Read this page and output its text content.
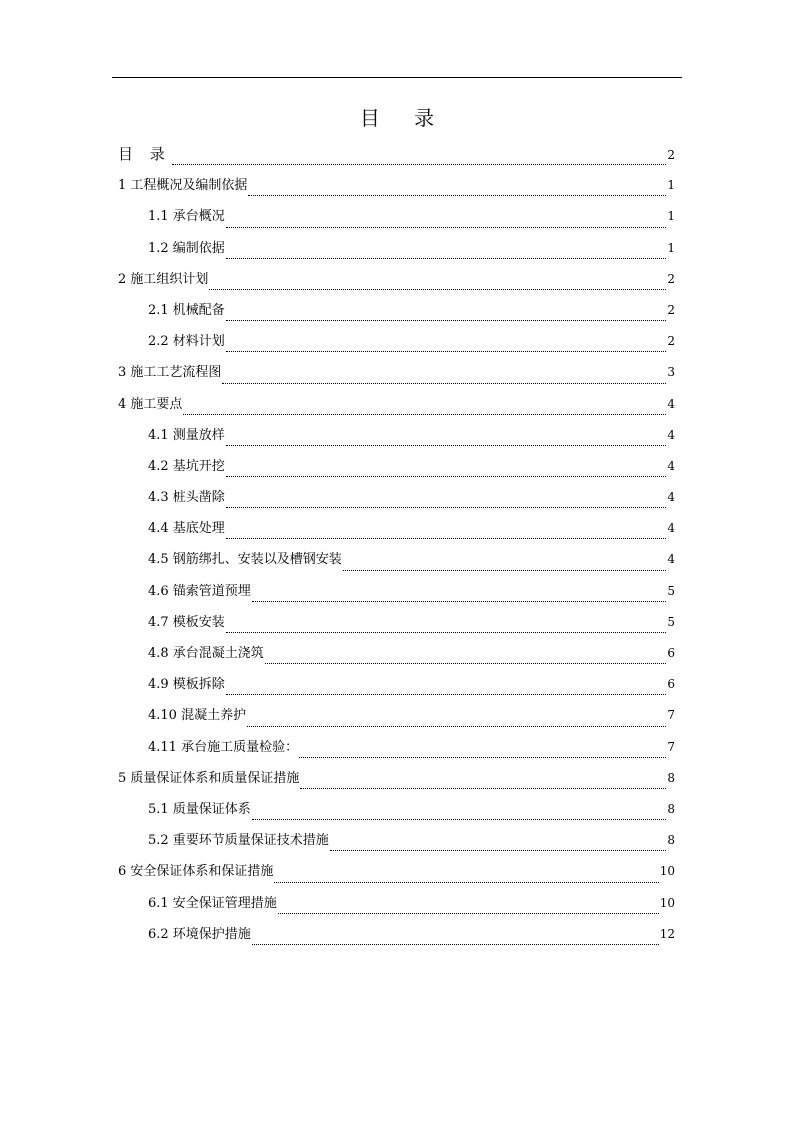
目 录
目 录	2
1 工程概况及编制依据	1
1.1 承台概况	1
1.2 编制依据	1
2 施工组织计划	2
2.1 机械配备	2
2.2 材料计划	2
3 施工工艺流程图	3
4 施工要点	4
4.1 测量放样	4
4.2 基坑开挖	4
4.3 桩头凿除	4
4.4 基底处理	4
4.5 钢筋绑扎、安装以及槽钢安装	4
4.6 锚索管道预埋	5
4.7 模板安装	5
4.8 承台混凝土浇筑	6
4.9 模板拆除	6
4.10 混凝土养护	7
4.11 承台施工质量检验：	7
5 质量保证体系和质量保证措施	8
5.1 质量保证体系	8
5.2 重要环节质量保证技术措施	8
6 安全保证体系和保证措施	10
6.1 安全保证管理措施	10
6.2 环境保护措施	12
